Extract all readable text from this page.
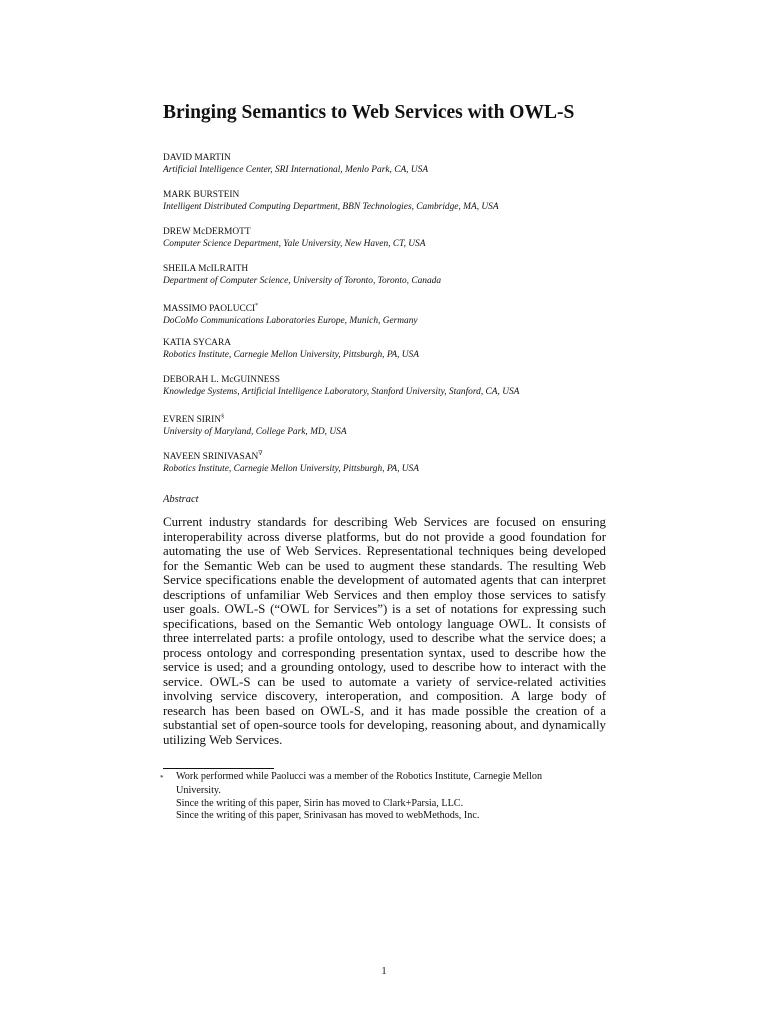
Bringing Semantics to Web Services with OWL-S
DAVID MARTIN
Artificial Intelligence Center, SRI International, Menlo Park, CA, USA
MARK BURSTEIN
Intelligent Distributed Computing Department, BBN Technologies, Cambridge, MA, USA
DREW McDERMOTT
Computer Science Department, Yale University, New Haven, CT, USA
SHEILA McILRAITH
Department of Computer Science, University of Toronto, Toronto, Canada
MASSIMO PAOLUCCI*
DoCoMo Communications Laboratories Europe, Munich, Germany
KATIA SYCARA
Robotics Institute, Carnegie Mellon University, Pittsburgh, PA, USA
DEBORAH L. McGUINNESS
Knowledge Systems, Artificial Intelligence Laboratory, Stanford University, Stanford, CA, USA
EVREN SIRIN§
University of Maryland, College Park, MD, USA
NAVEEN SRINIVASAN∇
Robotics Institute, Carnegie Mellon University, Pittsburgh, PA, USA
Abstract
Current industry standards for describing Web Services are focused on ensuring
interoperability across diverse platforms, but do not provide a good foundation for
automating the use of Web Services. Representational techniques being developed
for the Semantic Web can be used to augment these standards. The resulting Web
Service specifications enable the development of automated agents that can interpret
descriptions of unfamiliar Web Services and then employ those services to satisfy
user goals. OWL-S (“OWL for Services”) is a set of notations for expressing such
specifications, based on the Semantic Web ontology language OWL. It consists of
three interrelated parts: a profile ontology, used to describe what the service does; a
process ontology and corresponding presentation syntax, used to describe how the
service is used; and a grounding ontology, used to describe how to interact with the
service. OWL-S can be used to automate a variety of service-related activities
involving service discovery, interoperation, and composition. A large body of
research has been based on OWL-S, and it has made possible the creation of a
substantial set of open-source tools for developing, reasoning about, and dynamically
utilizing Web Services.
* Work performed while Paolucci was a member of the Robotics Institute, Carnegie Mellon
University.
Since the writing of this paper, Sirin has moved to Clark+Parsia, LLC.
Since the writing of this paper, Srinivasan has moved to webMethods, Inc.
1
